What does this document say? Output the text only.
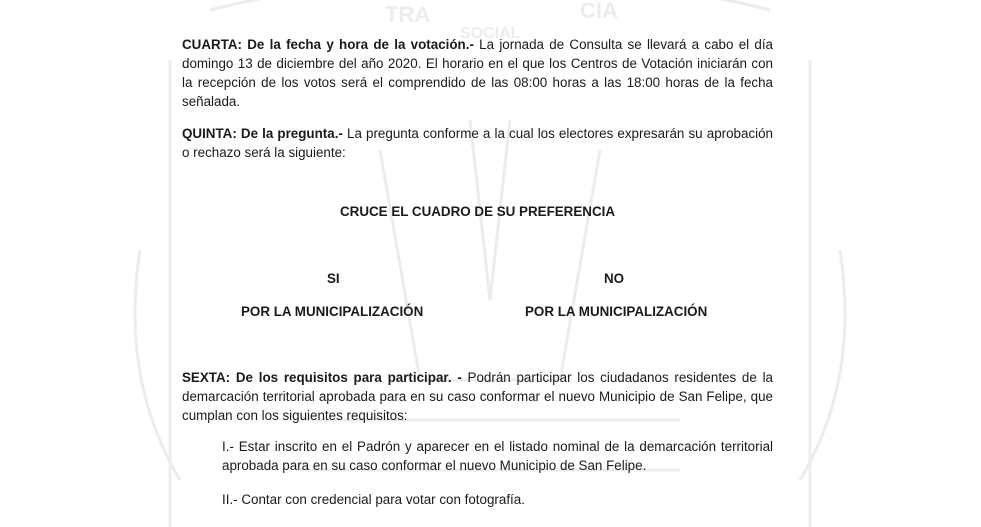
TRA
SOCIAL
CIA

CUARTA: De la fecha y hora de la votación.- La jornada de Consulta se llevará a cabo el día domingo 13 de diciembre del año 2020. El horario en el que los Centros de Votación iniciarán con la recepción de los votos será el comprendido de las 08:00 horas a las 18:00 horas de la fecha señalada.

QUINTA: De la pregunta.- La pregunta conforme a la cual los electores expresarán su aprobación o rechazo será la siguiente:

CRUCE EL CUADRO DE SU PREFERENCIA
SI	NO
POR LA MUNICIPALIZACIÓN	POR LA MUNICIPALIZACIÓN

SEXTA: De los requisitos para participar. - Podrán participar los ciudadanos residentes de la demarcación territorial aprobada para en su caso conformar el nuevo Municipio de San Felipe, que cumplan con los siguientes requisitos:

I.- Estar inscrito en el Padrón y aparecer en el listado nominal de la demarcación territorial aprobada para en su caso conformar el nuevo Municipio de San Felipe.

II.- Contar con credencial para votar con fotografía.
